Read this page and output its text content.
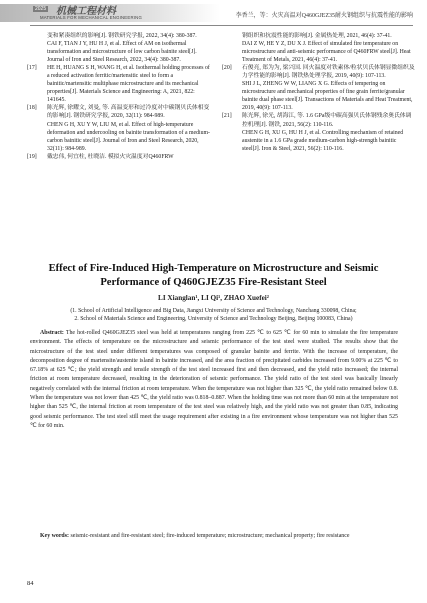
2025 机械工程材料
MATERIALS FOR MECHANICAL ENGINEERING	李香兰，等：火灾高温对Q460GJEZ35耐火钢组织与抗震性能的影响
变和紧凑组织的影响[J]. 钢铁研究学报, 2022, 34(4): 380-387.
CAI F, TIAN J Y, HU H J, et al. Effect of AM on isothermal transformation and microstructure of low carbon bainite steel[J]. Journal of Iron and Steel Research, 2022, 34(4): 380-387.
[17] HE H, HUANG S H, WANG H, et al. Isothermal holding processes of a reduced activation ferritic/martensitic steel to form a bainitic/martensitic multiphase microstructure and its mechanical properties[J]. Materials Science and Engineering: A, 2021, 822: 141645.
[18] 陈光辉, 徐耀文, 刘曼, 等. 高温变形和过冷度对中碳钢贝氏体相变的影响[J]. 钢铁研究学报, 2020, 32(11): 984-989.
CHEN G H, XU Y W, LIU M, et al. Effect of high-temperature deformation and undercooling on bainite transformation of a medium-carbon bainitic steel[J]. Journal of Iron and Steel Research, 2020, 32(11): 984-989.
[19] 戴忠伟, 何宜柱, 杜晓洁. 模拟火灾温度对Q460FRW
钢组织和抗震性能的影响[J]. 金属热处理, 2021, 46(4): 37-41.
DAI Z W, HE Y Z, DU X J. Effect of simulated fire temperature on microstructure and anti-seismic performance of Q460FRW steel[J]. Heat Treatment of Metals, 2021, 46(4): 37-41.
[20] 石俊亮, 郑为为, 梁兴国. 回火温度对铁素体/粒状贝氏体钢显微组织及力学性能的影响[J]. 钢铁热处理学报, 2019, 40(9): 107-113.
SHI J L, ZHENG W W, LIANG X G. Effects of tempering on microstructure and mechanical properties of fine grain ferrite/granular bainite dual phase steel[J]. Transactions of Materials and Heat Treatment, 2019, 40(9): 107-113.
[21] 陈光辉, 徐光, 胡海江, 等. 1.6 GPa级中碳高强贝氏体钢残余奥氏体调控机理[J]. 钢铁, 2021, 56(2): 110-116.
CHEN G H, XU G, HU H J, et al. Controlling mechanism of retained austenite in a 1.6 GPa grade medium-carbon high-strength bainitic steel[J]. Iron & Steel, 2021, 56(2): 110-116.
Effect of Fire-Induced High-Temperature on Microstructure and Seismic
Performance of Q460GJEZ35 Fire-Resistant Steel
LI Xianglan¹, LI Qi¹, ZHAO Xuefei²
(1. School of Artificial Intelligence and Big Data, Jiangxi University of Science and Technology, Nanchang 330098, China;
2. School of Materials Science and Engineering, University of Science and Technology Beijing, Beijing 100083, China)

Abstract: The hot-rolled Q460GJEZ35 steel was held at temperatures ranging from 225 ℃ to 625 ℃ for 60 min to simulate the fire temperature environment. The effects of temperature on the microstructure and seismic performance of the test steel were studied. The results show that the microstructure of the test steel under different temperatures was composed of granular bainite and ferrite. With the increase of temperature, the decomposition degree of martensite/austenite island in bainite increased, and the area fraction of precipitated carbides increased from 9.00% at 225 ℃ to 67.18% at 625 ℃; the yield strength and tensile strength of the test steel increased first and then decreased, and the yield ratio increased; the internal friction at room temperature decreased, resulting in the deterioration of seismic performance. The yield ratio of the test steel was basically linearly negatively correlated with the internal friction at room temperature. When the temperature was not higher than 325 ℃, the yield ratio remained below 0.8. When the temperature was not lower than 425 ℃, the yield ratio was 0.818–0.887. When the holding time was not more than 60 min at the temperature not higher than 525 ℃, the internal friction at room temperature of the test steel was relatively high, and the yield ratio was not greater than 0.85, indicating good seismic performance. The test steel still meet the usage requirement after existing in a fire environment whose temperature was not higher than 525 ℃ for 60 min.

Key words: seismic-resistant and fire-resistant steel; fire-induced temperature; microstructure; mechanical property; fire resistance

84
